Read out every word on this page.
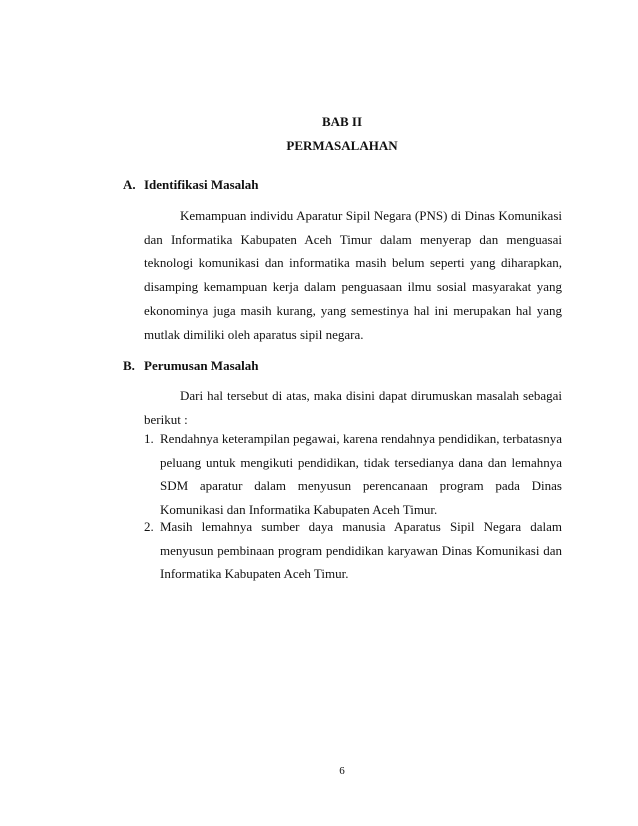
BAB II
PERMASALAHAN
A. Identifikasi Masalah

Kemampuan individu Aparatur Sipil Negara (PNS) di Dinas Komunikasi dan Informatika Kabupaten Aceh Timur dalam menyerap dan menguasai teknologi komunikasi dan informatika masih belum seperti yang diharapkan, disamping kemampuan kerja dalam penguasaan ilmu sosial masyarakat yang ekonominya juga masih kurang, yang semestinya hal ini merupakan hal yang mutlak dimiliki oleh aparatus sipil negara.

B. Perumusan Masalah

Dari hal tersebut di atas, maka disini dapat dirumuskan masalah sebagai berikut :

1. Rendahnya keterampilan pegawai, karena rendahnya pendidikan, terbatasnya peluang untuk mengikuti pendidikan, tidak tersedianya dana dan lemahnya SDM aparatur dalam menyusun perencanaan program pada Dinas Komunikasi dan Informatika Kabupaten Aceh Timur.
2. Masih lemahnya sumber daya manusia Aparatus Sipil Negara dalam menyusun pembinaan program pendidikan karyawan Dinas Komunikasi dan Informatika Kabupaten Aceh Timur.
6
